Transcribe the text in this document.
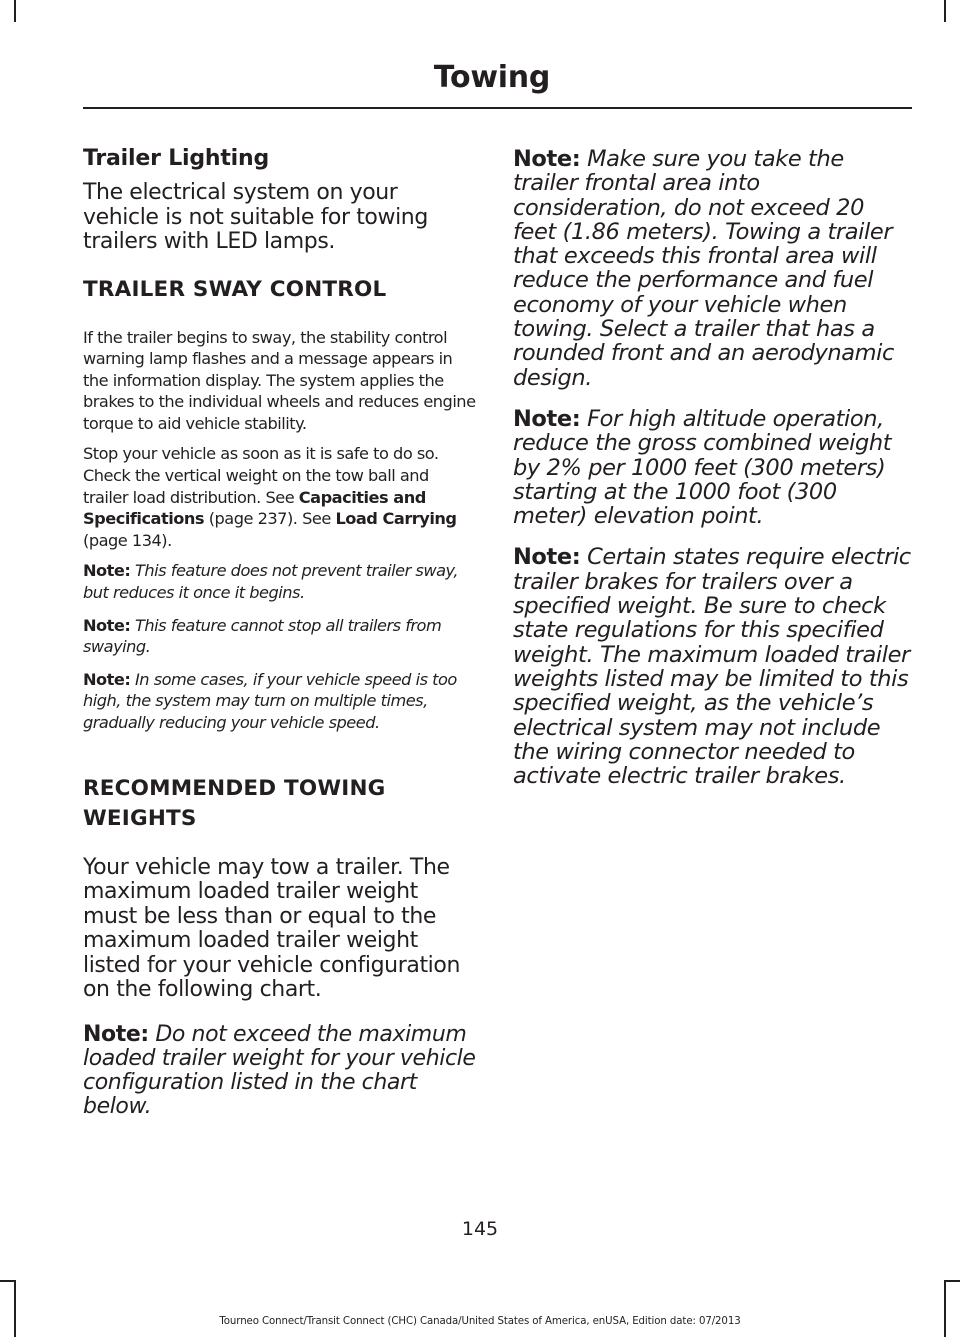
Towing
Trailer Lighting

The electrical system on your vehicle is not suitable for towing trailers with LED lamps.

TRAILER SWAY CONTROL

If the trailer begins to sway, the stability control warning lamp flashes and a message appears in the information display. The system applies the brakes to the individual wheels and reduces engine torque to aid vehicle stability.

Stop your vehicle as soon as it is safe to do so. Check the vertical weight on the tow ball and trailer load distribution. See Capacities and Specifications (page 237). See Load Carrying (page 134).

Note: This feature does not prevent trailer sway, but reduces it once it begins.

Note: This feature cannot stop all trailers from swaying.

Note: In some cases, if your vehicle speed is too high, the system may turn on multiple times, gradually reducing your vehicle speed.

RECOMMENDED TOWING WEIGHTS

Your vehicle may tow a trailer. The maximum loaded trailer weight must be less than or equal to the maximum loaded trailer weight listed for your vehicle configuration on the following chart.

Note: Do not exceed the maximum loaded trailer weight for your vehicle configuration listed in the chart below.

Note: Make sure you take the trailer frontal area into consideration, do not exceed 20 feet (1.86 meters). Towing a trailer that exceeds this frontal area will reduce the performance and fuel economy of your vehicle when towing. Select a trailer that has a rounded front and an aerodynamic design.

Note: For high altitude operation, reduce the gross combined weight by 2% per 1000 feet (300 meters) starting at the 1000 foot (300 meter) elevation point.

Note: Certain states require electric trailer brakes for trailers over a specified weight. Be sure to check state regulations for this specified weight. The maximum loaded trailer weights listed may be limited to this specified weight, as the vehicle’s electrical system may not include the wiring connector needed to activate electric trailer brakes.

145
Tourneo Connect/Transit Connect (CHC) Canada/United States of America, enUSA, Edition date: 07/2013
